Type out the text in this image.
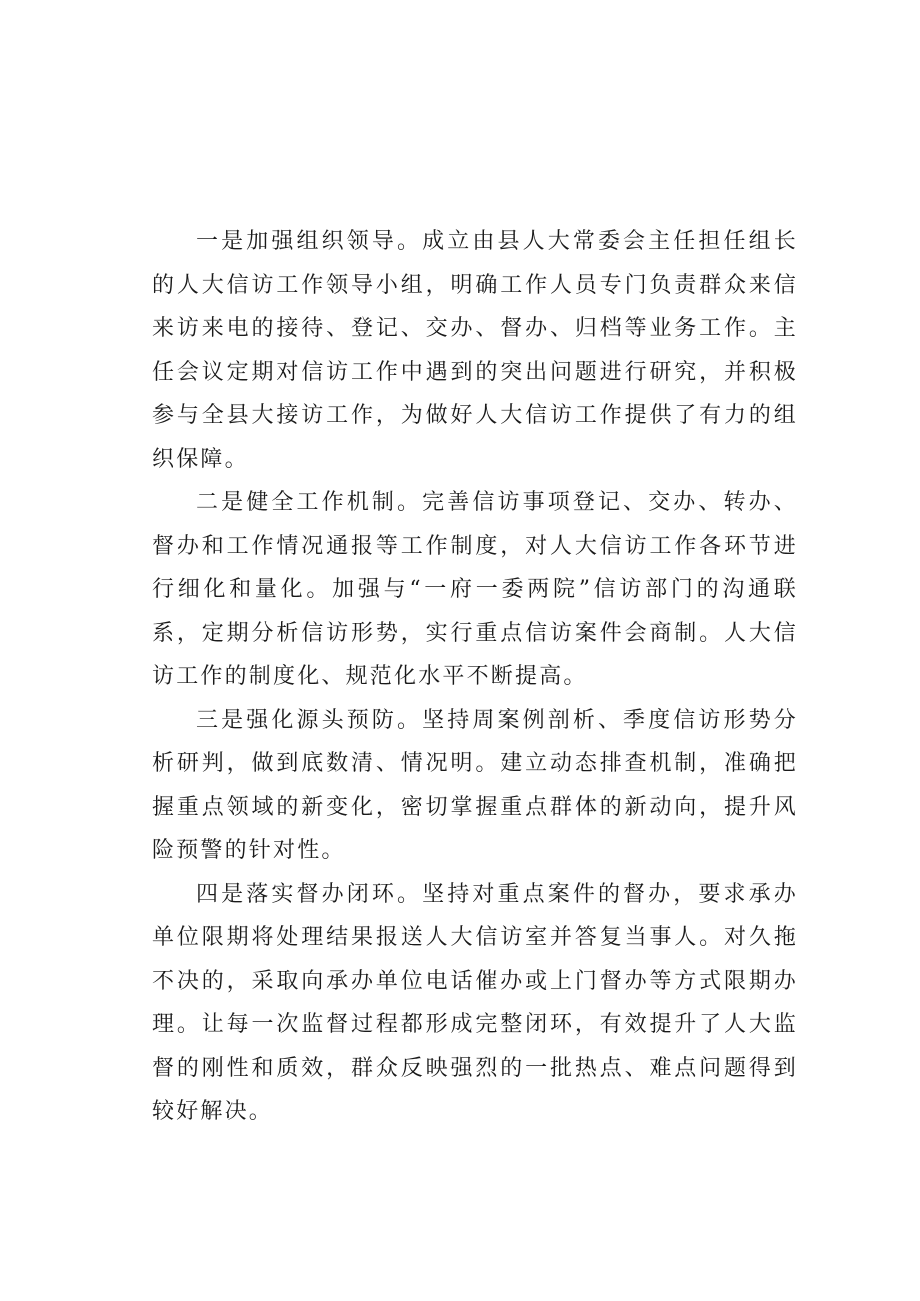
一是加强组织领导。成立由县人大常委会主任担任组长的人大信访工作领导小组，明确工作人员专门负责群众来信来访来电的接待、登记、交办、督办、归档等业务工作。主任会议定期对信访工作中遇到的突出问题进行研究，并积极参与全县大接访工作，为做好人大信访工作提供了有力的组织保障。

二是健全工作机制。完善信访事项登记、交办、转办、督办和工作情况通报等工作制度，对人大信访工作各环节进行细化和量化。加强与“一府一委两院”信访部门的沟通联系，定期分析信访形势，实行重点信访案件会商制。人大信访工作的制度化、规范化水平不断提高。

三是强化源头预防。坚持周案例剖析、季度信访形势分析研判，做到底数清、情况明。建立动态排查机制，准确把握重点领域的新变化，密切掌握重点群体的新动向，提升风险预警的针对性。

四是落实督办闭环。坚持对重点案件的督办，要求承办单位限期将处理结果报送人大信访室并答复当事人。对久拖不决的，采取向承办单位电话催办或上门督办等方式限期办理。让每一次监督过程都形成完整闭环，有效提升了人大监督的刚性和质效，群众反映强烈的一批热点、难点问题得到较好解决。
